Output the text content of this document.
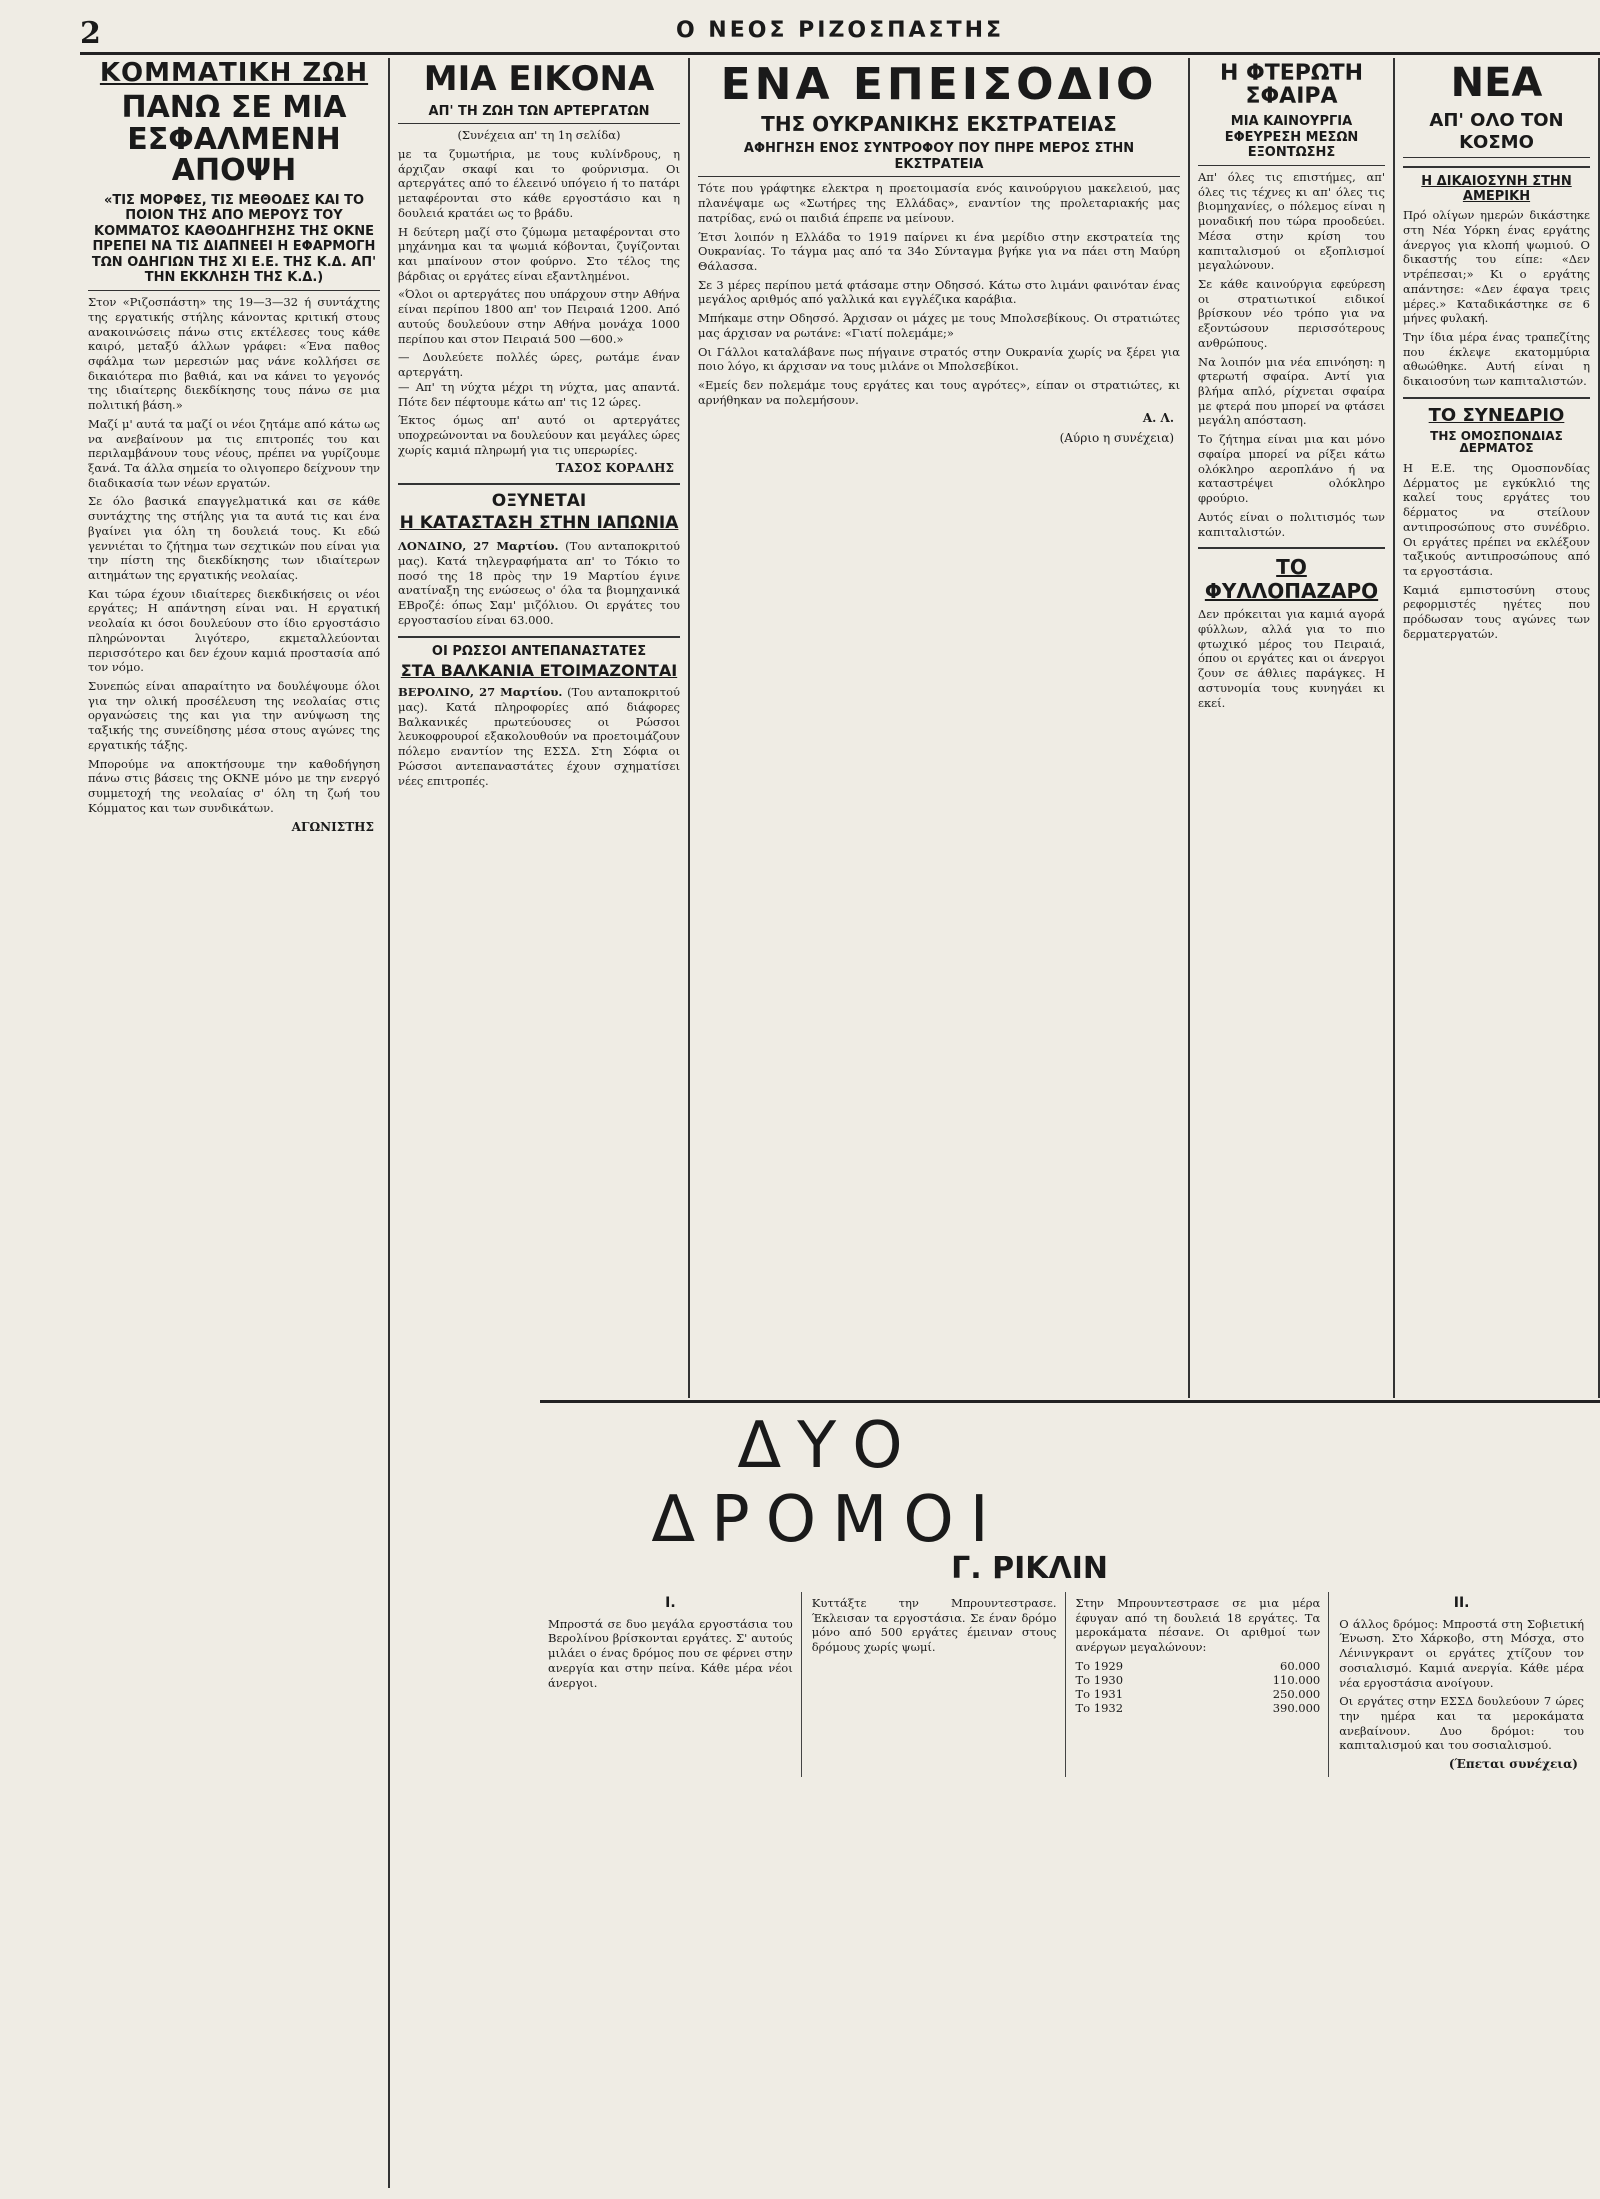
2	Ο ΝΕΟΣ ΡΙΖΟΣΠΑΣΤΗΣ
ΚΟΜΜΑΤΙΚΗ ΖΩΗ
ΠΑΝΩ ΣΕ ΜΙΑ ΕΣΦΑΛΜΕΝΗ ΑΠΟΨΗ
«ΤΙΣ ΜΟΡΦΕΣ, ΤΙΣ ΜΕΘΟΔΕΣ ΚΑΙ ΤΟ ΠΟΙΟΝ ΤΗΣ ΑΠΟ ΜΕΡΟΥΣ ΤΟΥ ΚΟΜΜΑΤΟΣ ΚΑΘΟΔΗΓΗΣΗΣ ΤΗΣ ΟΚΝΕ ΠΡΕΠΕΙ ΝΑ ΤΙΣ ΔΙΑΠΝΕΕΙ Η ΕΦΑΡΜΟΓΗ ΤΩΝ ΟΔΗΓΙΩΝ ΤΗΣ XI Ε.Ε. ΤΗΣ Κ.Δ. ΑΠ' ΤΗΝ ΕΚΚΛΗΣΗ ΤΗΣ Κ.Δ.)

Στον «Ριζοσπάστη» της 19—3—32 ή συντάχτης της εργατικής στήλης κάνοντας κριτική στους ανακοινώσεις πάνω στις εκτέλεσες τους κάθε καιρό, μεταξύ άλλων γράφει: «Ένα παθος σφάλμα των μερεσιών μας νάνε κολλήσει σε δικαιότερα πιο βαθιά, και να κάνει το γεγονός της ιδιαίτερης διεκδίκησης τους πάνω σε μια πολιτική βάση.»

Μαζί μ' αυτά τα μαζί οι νέοι ζητάμε από κάτω ως να ανεβαίνουν μα τις επιτροπές του και περιλαμβάνουν τους νέους, πρέπει να γυρίζουμε ξανά. Τα άλλα σημεία το ολιγοπερο δείχνουν την διαδικασία των νέων εργατών.

Σε όλο βασικά επαγγελματικά και σε κάθε συντάχτης της στήλης για τα αυτά τις και ένα βγαίνει για όλη τη δουλειά τους. Κι εδώ γεννιέται το ζήτημα των σεχτικών που είναι για την πίστη της διεκδίκησης των ιδιαίτερων αιτημάτων της εργατικής νεολαίας.

Και τώρα έχουν ιδιαίτερες διεκδικήσεις οι νέοι εργάτες; Η απάντηση είναι ναι. Η εργατική νεολαία κι όσοι δουλεύουν στο ίδιο εργοστάσιο πληρώνονται λιγότερο, εκμεταλλεύονται περισσότερο και δεν έχουν καμιά προστασία από τον νόμο.

Συνεπώς είναι απαραίτητο να δουλέψουμε όλοι για την ολική προσέλευση της νεολαίας στις οργανώσεις της και για την ανύψωση της ταξικής της συνείδησης μέσα στους αγώνες της εργατικής τάξης.

Μπορούμε να αποκτήσουμε την καθοδήγηση πάνω στις βάσεις της ΟΚΝΕ μόνο με την ενεργό συμμετοχή της νεολαίας σ' όλη τη ζωή του Κόμματος και των συνδικάτων.

ΑΓΩΝΙΣΤΗΣ
ΜΙΑ ΕΙΚΟΝΑ
ΑΠ' ΤΗ ΖΩΗ ΤΩΝ ΑΡΤΕΡΓΑΤΩΝ

(Συνέχεια απ' τη 1η σελίδα)

με τα ζυμωτήρια, με τους κυλίνδρους, η άρχιζαν σκαφί και το φούρνισμα. Οι αρτεργάτες από το έλεεινό υπόγειο ή το πατάρι μεταφέρονται στο κάθε εργοστάσιο και η δουλειά κρατάει ως το βράδυ.

Η δεύτερη μαζί στο ζύμωμα μεταφέρονται στο μηχάνημα και τα ψωμιά κόβονται, ζυγίζονται και μπαίνουν στον φούρνο. Στο τέλος της βάρδιας οι εργάτες είναι εξαντλημένοι.

«Όλοι οι αρτεργάτες που υπάρχουν στην Αθήνα είναι περίπου 1800 απ' τον Πειραιά 1200. Από αυτούς δουλεύουν στην Αθήνα μονάχα 1000 περίπου και στον Πειραιά 500 —600.»

— Δουλεύετε πολλές ώρες, ρωτάμε έναν αρτεργάτη.
— Απ' τη νύχτα μέχρι τη νύχτα, μας απαντά. Πότε δεν πέφτουμε κάτω απ' τις 12 ώρες.

Έκτος όμως απ' αυτό οι αρτεργάτες υποχρεώνονται να δουλεύουν και μεγάλες ώρες χωρίς καμιά πληρωμή για τις υπερωρίες.

ΤΑΣΟΣ ΚΟΡΑΛΗΣ
ΟΞΥΝΕΤΑΙ
Η ΚΑΤΑΣΤΑΣΗ ΣΤΗΝ ΙΑΠΩΝΙΑ

ΛΟΝΔΙΝΟ, 27 Μαρτίου. (Του ανταποκριτού μας). Κατά τηλεγραφήματα απ' το Τόκιο το ποσό της 18 πρὸς την 19 Μαρτίου έγινε ανατίναξη της ενώσεως ο' όλα τα βιομηχανικά ΕΒροζέ: όπως Σαμ' μιζόλιου. Οι εργάτες του εργοστασίου είναι 63.000.

ΟΙ ΡΩΣΣΟΙ ΑΝΤΕΠΑΝΑΣΤΑΤΕΣ
ΣΤΑ ΒΑΛΚΑΝΙΑ ΕΤΟΙΜΑΖΟΝΤΑΙ

ΒΕΡΟΛΙΝΟ, 27 Μαρτίου. (Του ανταποκριτού μας). Κατά πληροφορίες από διάφορες Βαλκανικές πρωτεύουσες οι Ρώσσοι λευκοφρουροί εξακολουθούν να προετοιμάζουν πόλεμο εναντίον της ΕΣΣΔ. Στη Σόφια οι Ρώσσοι αντεπαναστάτες έχουν σχηματίσει νέες επιτροπές.

ΕΝΑ ΕΠΕΙΣΟΔΙΟ
ΤΗΣ ΟΥΚΡΑΝΙΚΗΣ ΕΚΣΤΡΑΤΕΙΑΣ
ΑΦΗΓΗΣΗ ΕΝΟΣ ΣΥΝΤΡΟΦΟΥ ΠΟΥ ΠΗΡΕ ΜΕΡΟΣ ΣΤΗΝ ΕΚΣΤΡΑΤΕΙΑ

Τότε που γράφτηκε ελεκτρα η προετοιμασία ενός καινούργιου μακελειού, μας πλανέψαμε ως «Σωτήρες της Ελλάδας», εναντίον της προλεταριακής μας πατρίδας, ενώ οι παιδιά έπρεπε να μείνουν.

Έτσι λοιπόν η Ελλάδα το 1919 παίρνει κι ένα μερίδιο στην εκστρατεία της Ουκρανίας. Το τάγμα μας από τα 34ο Σύνταγμα βγήκε για να πάει στη Μαύρη Θάλασσα.

Σε 3 μέρες περίπου μετά φτάσαμε στην Οδησσό. Κάτω στο λιμάνι φαινόταν ένας μεγάλος αριθμός από γαλλικά και εγγλέζικα καράβια.

Μπήκαμε στην Οδησσό. Άρχισαν οι μάχες με τους Μπολσεβίκους. Οι στρατιώτες μας άρχισαν να ρωτάνε: «Γιατί πολεμάμε;»

Οι Γάλλοι καταλάβανε πως πήγαινε στρατός στην Ουκρανία χωρίς να ξέρει για ποιο λόγο, κι άρχισαν να τους μιλάνε οι Μπολσεβίκοι.

«Εμείς δεν πολεμάμε τους εργάτες και τους αγρότες», είπαν οι στρατιώτες, κι αρνήθηκαν να πολεμήσουν.

Α. Λ.
(Αύριο η συνέχεια)
Η ΦΤΕΡΩΤΗ ΣΦΑΙΡΑ
ΜΙΑ ΚΑΙΝΟΥΡΓΙΑ ΕΦΕΥΡΕΣΗ ΜΕΣΩΝ ΕΞΟΝΤΩΣΗΣ

Απ' όλες τις επιστήμες, απ' όλες τις τέχνες κι απ' όλες τις βιομηχανίες, ο πόλεμος είναι η μοναδική που τώρα προοδεύει. Μέσα στην κρίση του καπιταλισμού οι εξοπλισμοί μεγαλώνουν.

Σε κάθε καινούργια εφεύρεση οι στρατιωτικοί ειδικοί βρίσκουν νέο τρόπο για να εξοντώσουν περισσότερους ανθρώπους.

Να λοιπόν μια νέα επινόηση: η φτερωτή σφαίρα. Αντί για βλήμα απλό, ρίχνεται σφαίρα με φτερά που μπορεί να φτάσει μεγάλη απόσταση.

Το ζήτημα είναι μια και μόνο σφαίρα μπορεί να ρίξει κάτω ολόκληρο αεροπλάνο ή να καταστρέψει ολόκληρο φρούριο.

Αυτός είναι ο πολιτισμός των καπιταλιστών.

ΤΟ ΦΥΛΛΟΠΑΖΑΡΟ

Δεν πρόκειται για καμιά αγορά φύλλων, αλλά για το πιο φτωχικό μέρος του Πειραιά, όπου οι εργάτες και οι άνεργοι ζουν σε άθλιες παράγκες. Η αστυνομία τους κυνηγάει κι εκεί.

ΝΕΑ
ΑΠ' ΟΛΟ ΤΟΝ ΚΟΣΜΟ
Η ΔΙΚΑΙΟΣΥΝΗ ΣΤΗΝ ΑΜΕΡΙΚΗ

Πρό ολίγων ημερών δικάστηκε στη Νέα Υόρκη ένας εργάτης άνεργος για κλοπή ψωμιού. Ο δικαστής του είπε: «Δεν ντρέπεσαι;» Κι ο εργάτης απάντησε: «Δεν έφαγα τρεις μέρες.» Καταδικάστηκε σε 6 μήνες φυλακή.

Την ίδια μέρα ένας τραπεζίτης που έκλεψε εκατομμύρια αθωώθηκε. Αυτή είναι η δικαιοσύνη των καπιταλιστών.

ΤΟ ΣΥΝΕΔΡΙΟ
ΤΗΣ ΟΜΟΣΠΟΝΔΙΑΣ ΔΕΡΜΑΤΟΣ

Η Ε.Ε. της Ομοσπονδίας Δέρματος με εγκύκλιό της καλεί τους εργάτες του δέρματος να στείλουν αντιπροσώπους στο συνέδριο. Οι εργάτες πρέπει να εκλέξουν ταξικούς αντιπροσώπους από τα εργοστάσια.

Καμιά εμπιστοσύνη στους ρεφορμιστές ηγέτες που πρόδωσαν τους αγώνες των δερματεργατών.

ΔΥΟ ΔΡΟΜΟΙ
Γ. ΡΙΚΛΙΝ
I.

Μπροστά σε δυο μεγάλα εργοστάσια του Βερολίνου βρίσκονται εργάτες. Σ' αυτούς μιλάει ο ένας δρόμος που σε φέρνει στην ανεργία και στην πείνα. Κάθε μέρα νέοι άνεργοι.

Κυττάξτε την Μπρουντεστρασε. Έκλεισαν τα εργοστάσια. Σε έναν δρόμο μόνο από 500 εργάτες έμειναν στους δρόμους χωρίς ψωμί.

Στην Μπρουντεστρασε σε μια μέρα έφυγαν από τη δουλειά 18 εργάτες. Τα μεροκάματα πέσανε. Οι αριθμοί των ανέργων μεγαλώνουν:

Το 1929	60.000
Το 1930	110.000
Το 1931	250.000
Το 1932	390.000
II.

Ο άλλος δρόμος: Μπροστά στη Σοβιετική Ένωση. Στο Χάρκοβο, στη Μόσχα, στο Λένινγκραντ οι εργάτες χτίζουν τον σοσιαλισμό. Καμιά ανεργία. Κάθε μέρα νέα εργοστάσια ανοίγουν.

Οι εργάτες στην ΕΣΣΔ δουλεύουν 7 ώρες την ημέρα και τα μεροκάματα ανεβαίνουν. Δυο δρόμοι: του καπιταλισμού και του σοσιαλισμού.

(Έπεται συνέχεια)
